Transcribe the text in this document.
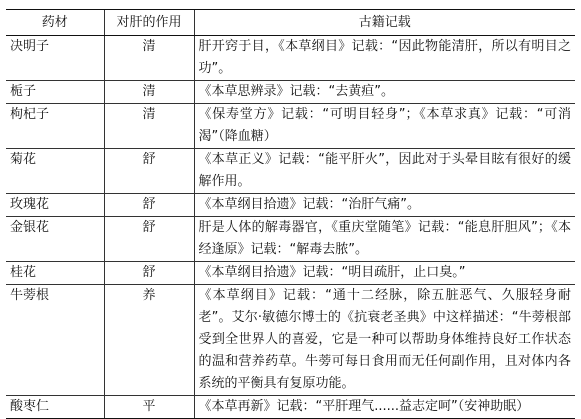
药材	对肝的作用	古籍记载
决明子	清	肝开窍于目，《本草纲目》记载：“因此物能清肝，所以有明目之功”。
栀子	清	《本草思辨录》记载：“去黄疸”。
枸杞子	清	《保寿堂方》记载：“可明目轻身”；《本草求真》记载：“可消渴”（降血糖）
菊花	舒	《本草正义》记载：“能平肝火”，因此对于头晕目眩有很好的缓解作用。
玫瑰花	舒	《本草纲目拾遗》记载：“治肝气痛”。
金银花	舒	肝是人体的解毒器官，《重庆堂随笔》记载：“能息肝胆风”；《本经逢原》记载：“解毒去脓”。
桂花	舒	《本草纲目拾遗》记载：“明目疏肝，止口臭。”
牛蒡根	养	《本草纲目》记载：“通十二经脉，除五脏恶气、久服轻身耐老”。艾尔·敏德尔博士的《抗衰老圣典》中这样描述：“牛蒡根部受到全世界人的喜爱，它是一种可以帮助身体维持良好工作状态的温和营养药草。牛蒡可每日食用而无任何副作用，且对体内各系统的平衡具有复原功能。
酸枣仁	平	《本草再新》记载：“平肝理气......益志定呵”（安神助眠）
